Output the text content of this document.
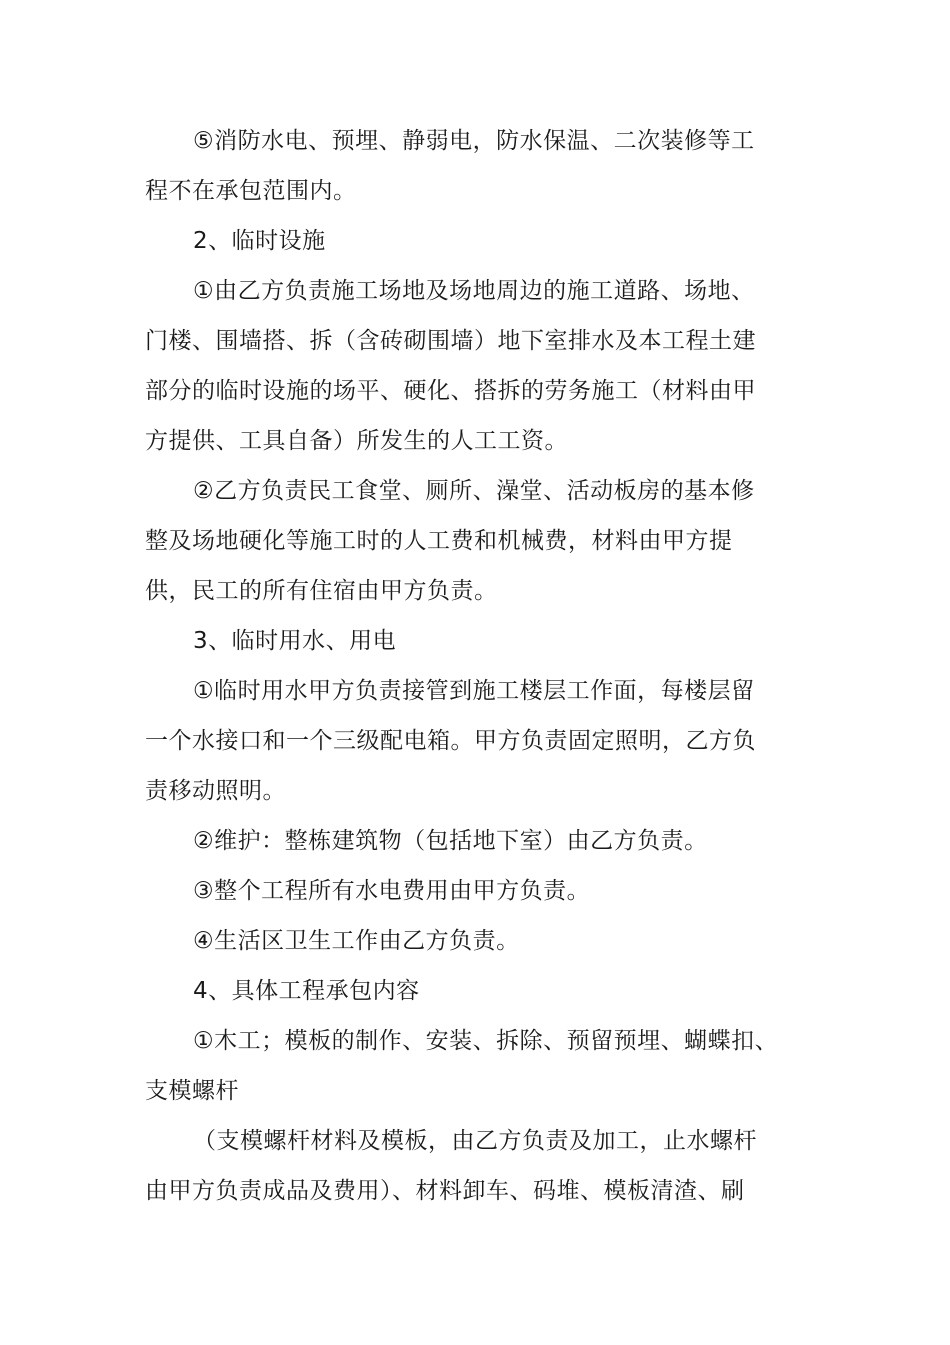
⑤消防水电、预埋、静弱电，防水保温、二次装修等工
程不在承包范围内。
2、临时设施
①由乙方负责施工场地及场地周边的施工道路、场地、
门楼、围墙搭、拆（含砖砌围墙）地下室排水及本工程土建
部分的临时设施的场平、硬化、搭拆的劳务施工（材料由甲
方提供、工具自备）所发生的人工工资。
②乙方负责民工食堂、厕所、澡堂、活动板房的基本修
整及场地硬化等施工时的人工费和机械费，材料由甲方提
供，民工的所有住宿由甲方负责。
3、临时用水、用电
①临时用水甲方负责接管到施工楼层工作面，每楼层留
一个水接口和一个三级配电箱。甲方负责固定照明，乙方负
责移动照明。
②维护：整栋建筑物（包括地下室）由乙方负责。
③整个工程所有水电费用由甲方负责。
④生活区卫生工作由乙方负责。
4、具体工程承包内容
①木工；模板的制作、安装、拆除、预留预埋、蝴蝶扣、
支模螺杆
（支模螺杆材料及模板，由乙方负责及加工，止水螺杆
由甲方负责成品及费用）、材料卸车、码堆、模板清渣、刷
